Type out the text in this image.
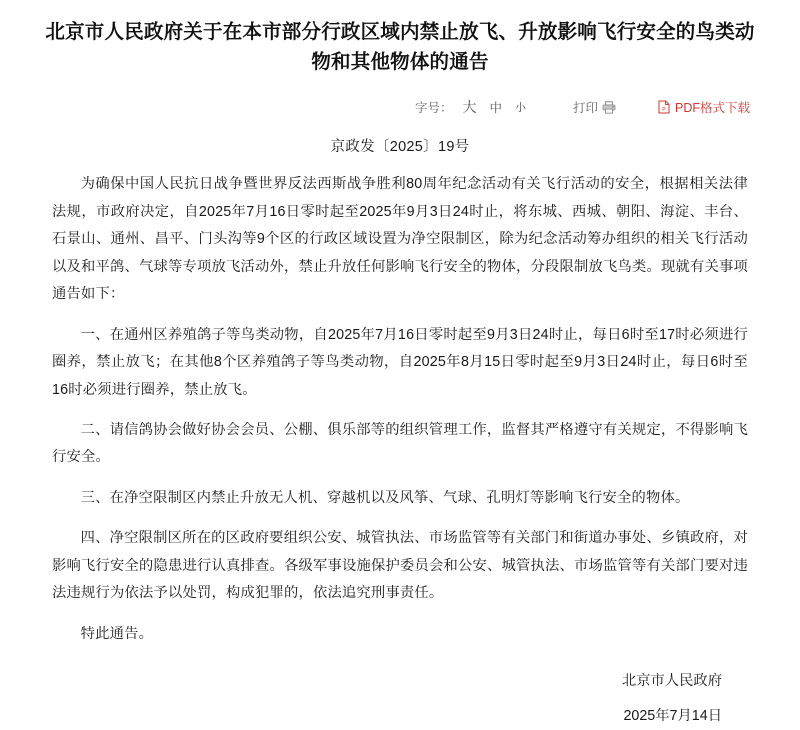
北京市人民政府关于在本市部分行政区域内禁止放飞、升放影响飞行安全的鸟类动物和其他物体的通告
字号： 大 中 小	打印	P PDF格式下载
京政发〔2025〕19号

为确保中国人民抗日战争暨世界反法西斯战争胜利80周年纪念活动有关飞行活动的安全，根据相关法律法规，市政府决定，自2025年7月16日零时起至2025年9月3日24时止，将东城、西城、朝阳、海淀、丰台、石景山、通州、昌平、门头沟等9个区的行政区域设置为净空限制区，除为纪念活动筹办组织的相关飞行活动以及和平鸽、气球等专项放飞活动外，禁止升放任何影响飞行安全的物体，分段限制放飞鸟类。现就有关事项通告如下：

一、在通州区养殖鸽子等鸟类动物，自2025年7月16日零时起至9月3日24时止，每日6时至17时必须进行圈养，禁止放飞；在其他8个区养殖鸽子等鸟类动物，自2025年8月15日零时起至9月3日24时止，每日6时至16时必须进行圈养，禁止放飞。

二、请信鸽协会做好协会会员、公棚、俱乐部等的组织管理工作，监督其严格遵守有关规定，不得影响飞行安全。

三、在净空限制区内禁止升放无人机、穿越机以及风筝、气球、孔明灯等影响飞行安全的物体。

四、净空限制区所在的区政府要组织公安、城管执法、市场监管等有关部门和街道办事处、乡镇政府，对影响飞行安全的隐患进行认真排查。各级军事设施保护委员会和公安、城管执法、市场监管等有关部门要对违法违规行为依法予以处罚，构成犯罪的，依法追究刑事责任。

特此通告。

北京市人民政府
2025年7月14日
